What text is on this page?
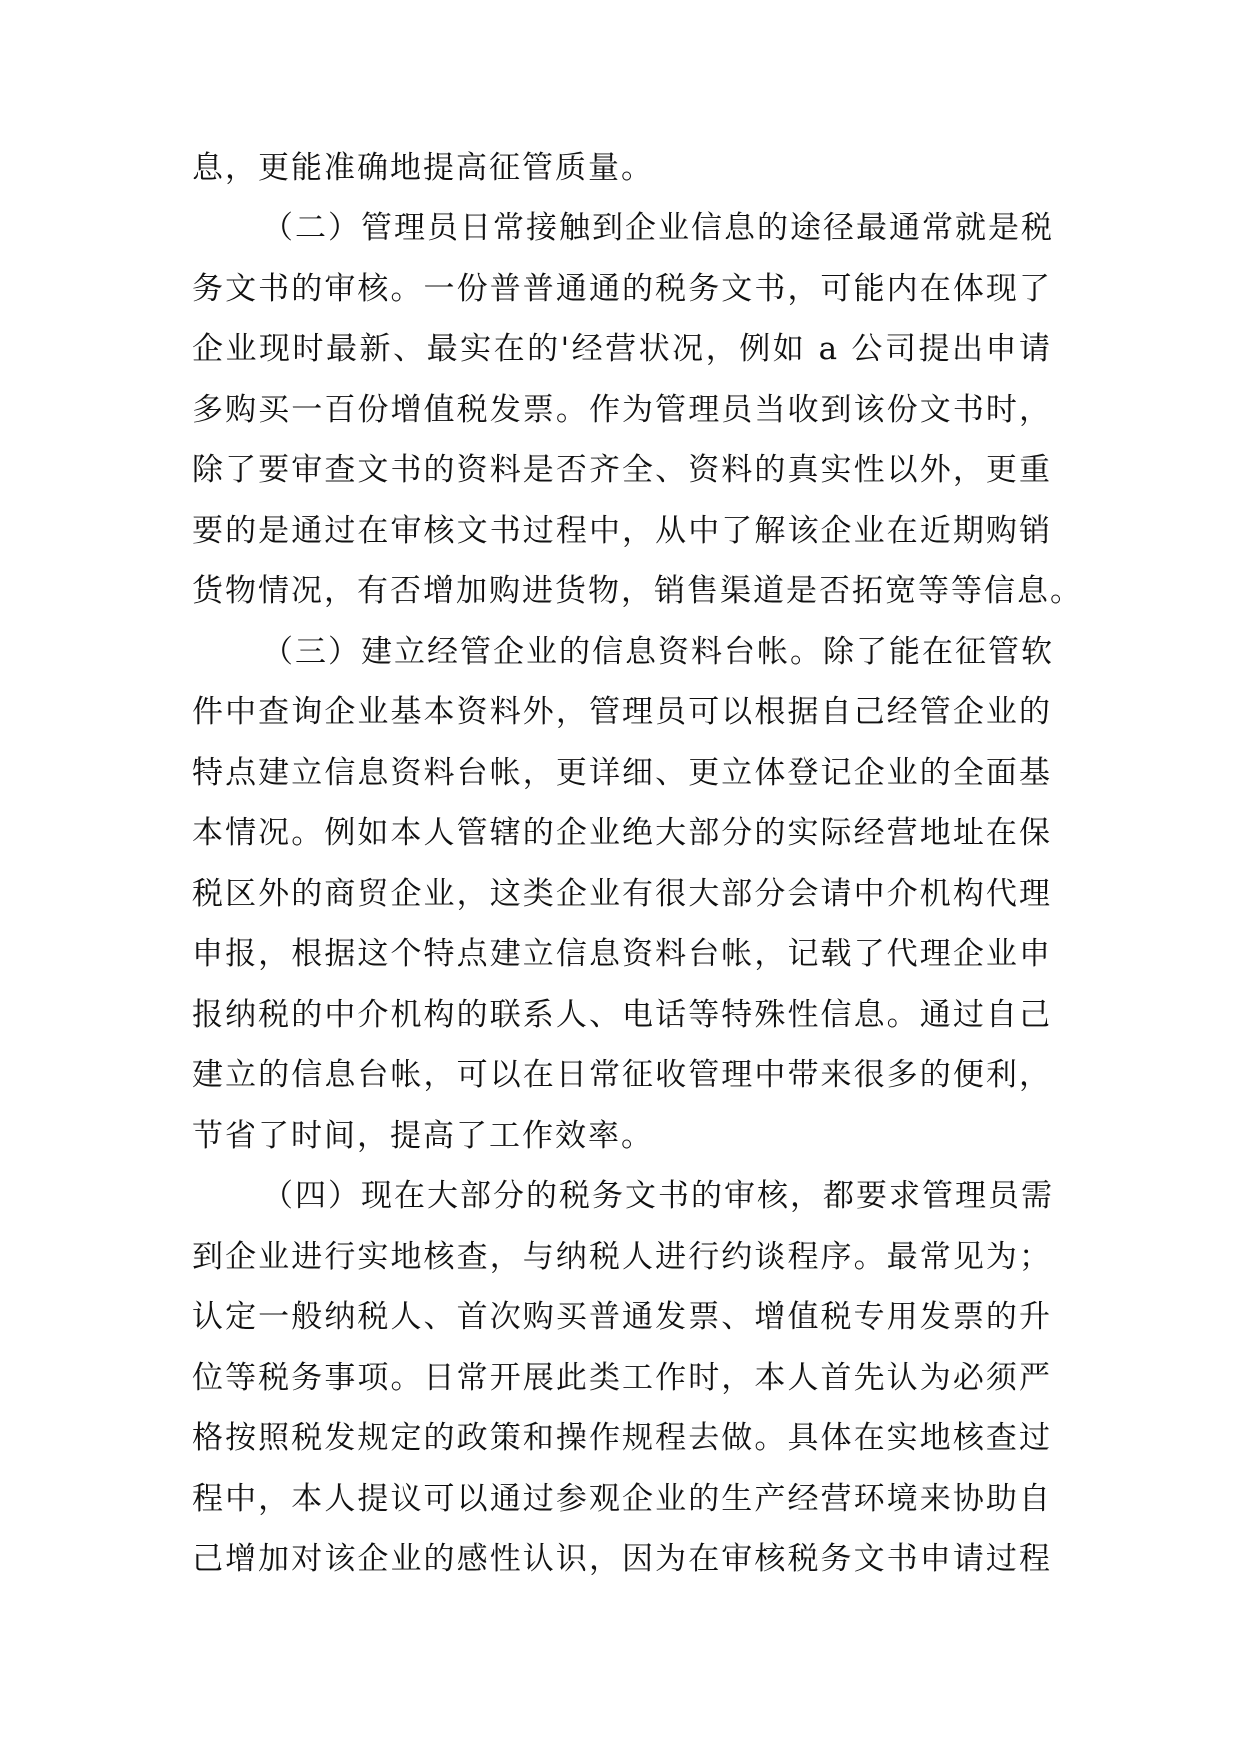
息，更能准确地提高征管质量。
（二）管理员日常接触到企业信息的途径最通常就是税
务文书的审核。一份普普通通的税务文书，可能内在体现了
企业现时最新、最实在的'经营状况，例如 a 公司提出申请
多购买一百份增值税发票。作为管理员当收到该份文书时，
除了要审查文书的资料是否齐全、资料的真实性以外，更重
要的是通过在审核文书过程中，从中了解该企业在近期购销
货物情况，有否增加购进货物，销售渠道是否拓宽等等信息。
（三）建立经管企业的信息资料台帐。除了能在征管软
件中查询企业基本资料外，管理员可以根据自己经管企业的
特点建立信息资料台帐，更详细、更立体登记企业的全面基
本情况。例如本人管辖的企业绝大部分的实际经营地址在保
税区外的商贸企业，这类企业有很大部分会请中介机构代理
申报，根据这个特点建立信息资料台帐，记载了代理企业申
报纳税的中介机构的联系人、电话等特殊性信息。通过自己
建立的信息台帐，可以在日常征收管理中带来很多的便利，
节省了时间，提高了工作效率。
（四）现在大部分的税务文书的审核，都要求管理员需
到企业进行实地核查，与纳税人进行约谈程序。最常见为；
认定一般纳税人、首次购买普通发票、增值税专用发票的升
位等税务事项。日常开展此类工作时，本人首先认为必须严
格按照税发规定的政策和操作规程去做。具体在实地核查过
程中，本人提议可以通过参观企业的生产经营环境来协助自
己增加对该企业的感性认识，因为在审核税务文书申请过程
